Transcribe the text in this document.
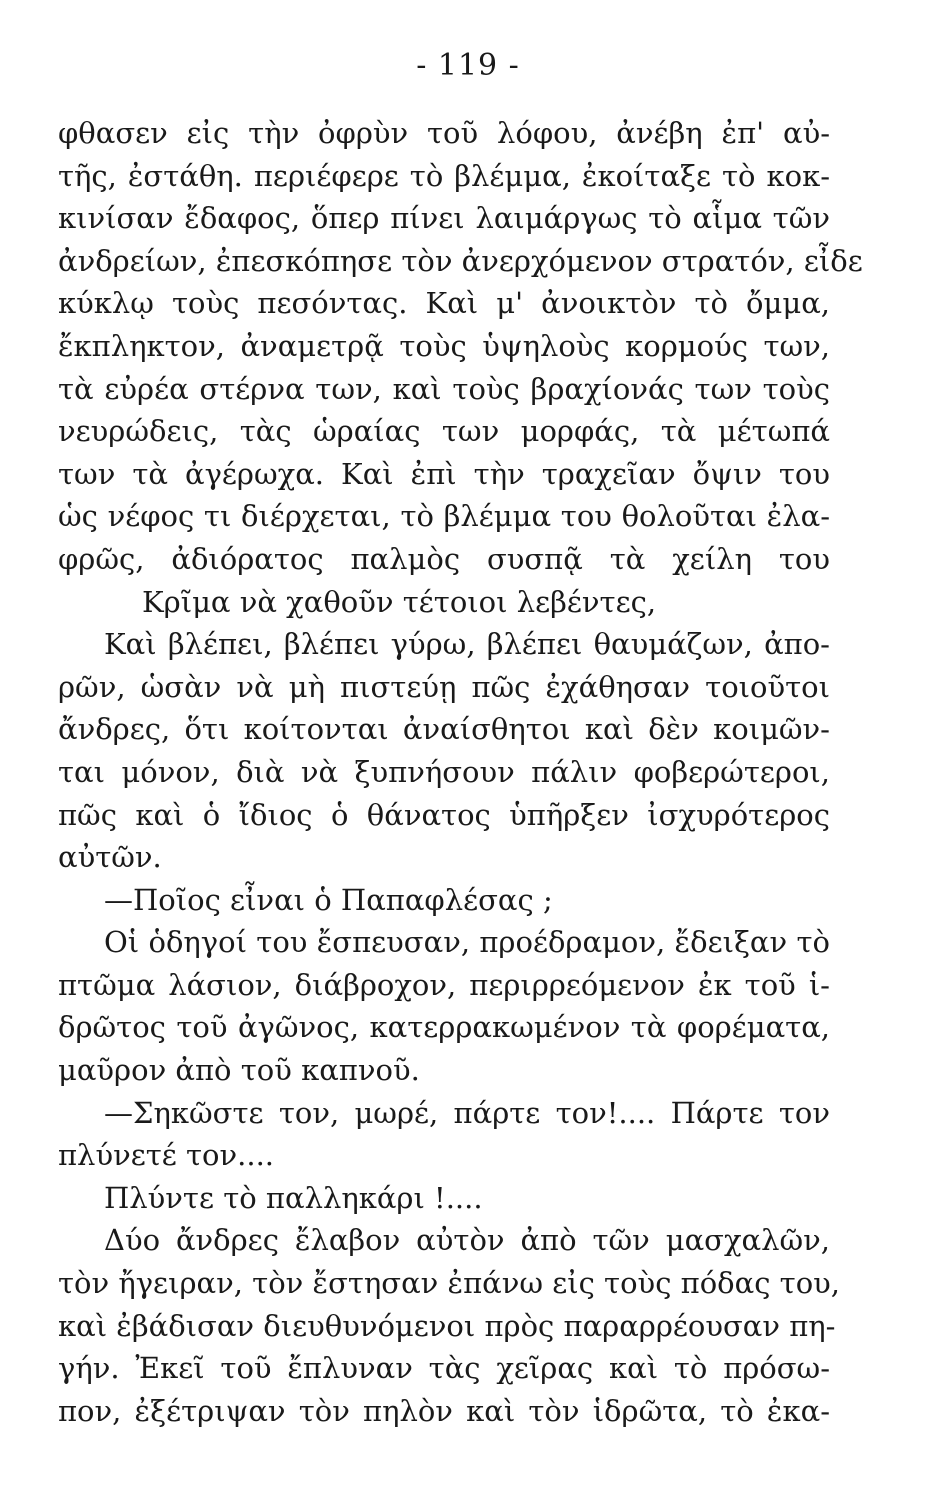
- 119 -
φθασεν εἰς τὴν ὀφρὺν τοῦ λόφου, ἀνέβη ἐπ' αὐ-
τῆς, ἐστάθη. περιέφερε τὸ βλέμμα, ἐκοίταξε τὸ κοκ-
κινίσαν ἔδαφος, ὅπερ πίνει λαιμάργως τὸ αἷμα τῶν
ἀνδρείων, ἐπεσκόπησε τὸν ἀνερχόμενον στρατόν, εἶδε
κύκλῳ τοὺς πεσόντας. Καὶ μ' ἀνοικτὸν τὸ ὄμμα,
ἔκπληκτον, ἀναμετρᾷ τοὺς ὑψηλοὺς κορμούς των,
τὰ εὐρέα στέρνα των, καὶ τοὺς βραχίονάς των τοὺς
νευρώδεις, τὰς ὡραίας των μορφάς, τὰ μέτωπά
των τὰ ἀγέρωχα. Καὶ ἐπὶ τὴν τραχεῖαν ὄψιν του
ὡς νέφος τι διέρχεται, τὸ βλέμμα του θολοῦται ἐλα-
φρῶς, ἀδιόρατος παλμὸς συσπᾷ τὰ χείλη του
Κρῖμα νὰ χαθοῦν τέτοιοι λεβέντες,
Καὶ βλέπει, βλέπει γύρω, βλέπει θαυμάζων, ἀπο-
ρῶν, ὡσὰν νὰ μὴ πιστεύῃ πῶς ἐχάθησαν τοιοῦτοι
ἄνδρες, ὅτι κοίτονται ἀναίσθητοι καὶ δὲν κοιμῶν-
ται μόνον, διὰ νὰ ξυπνήσουν πάλιν φοβερώτεροι,
πῶς καὶ ὁ ἴδιος ὁ θάνατος ὑπῆρξεν ἰσχυρότερος
αὐτῶν.
—Ποῖος εἶναι ὁ Παπαφλέσας ;
Οἱ ὁδηγοί του ἔσπευσαν, προέδραμον, ἔδειξαν τὸ
πτῶμα λάσιον, διάβροχον, περιρρεόμενον ἐκ τοῦ ἱ-
δρῶτος τοῦ ἀγῶνος, κατερρακωμένον τὰ φορέματα,
μαῦρον ἀπὸ τοῦ καπνοῦ.
—Σηκῶστε τον, μωρέ, πάρτε τον!.... Πάρτε τον
πλύνετέ τον....
Πλύντε τὸ παλληκάρι !....
Δύο ἄνδρες ἔλαβον αὐτὸν ἀπὸ τῶν μασχαλῶν,
τὸν ἤγειραν, τὸν ἔστησαν ἐπάνω εἰς τοὺς πόδας του,
καὶ ἐβάδισαν διευθυνόμενοι πρὸς παραρρέουσαν πη-
γήν. Ἐκεῖ τοῦ ἔπλυναν τὰς χεῖρας καὶ τὸ πρόσω-
πον, ἐξέτριψαν τὸν πηλὸν καὶ τὸν ἱδρῶτα, τὸ ἐκα-
